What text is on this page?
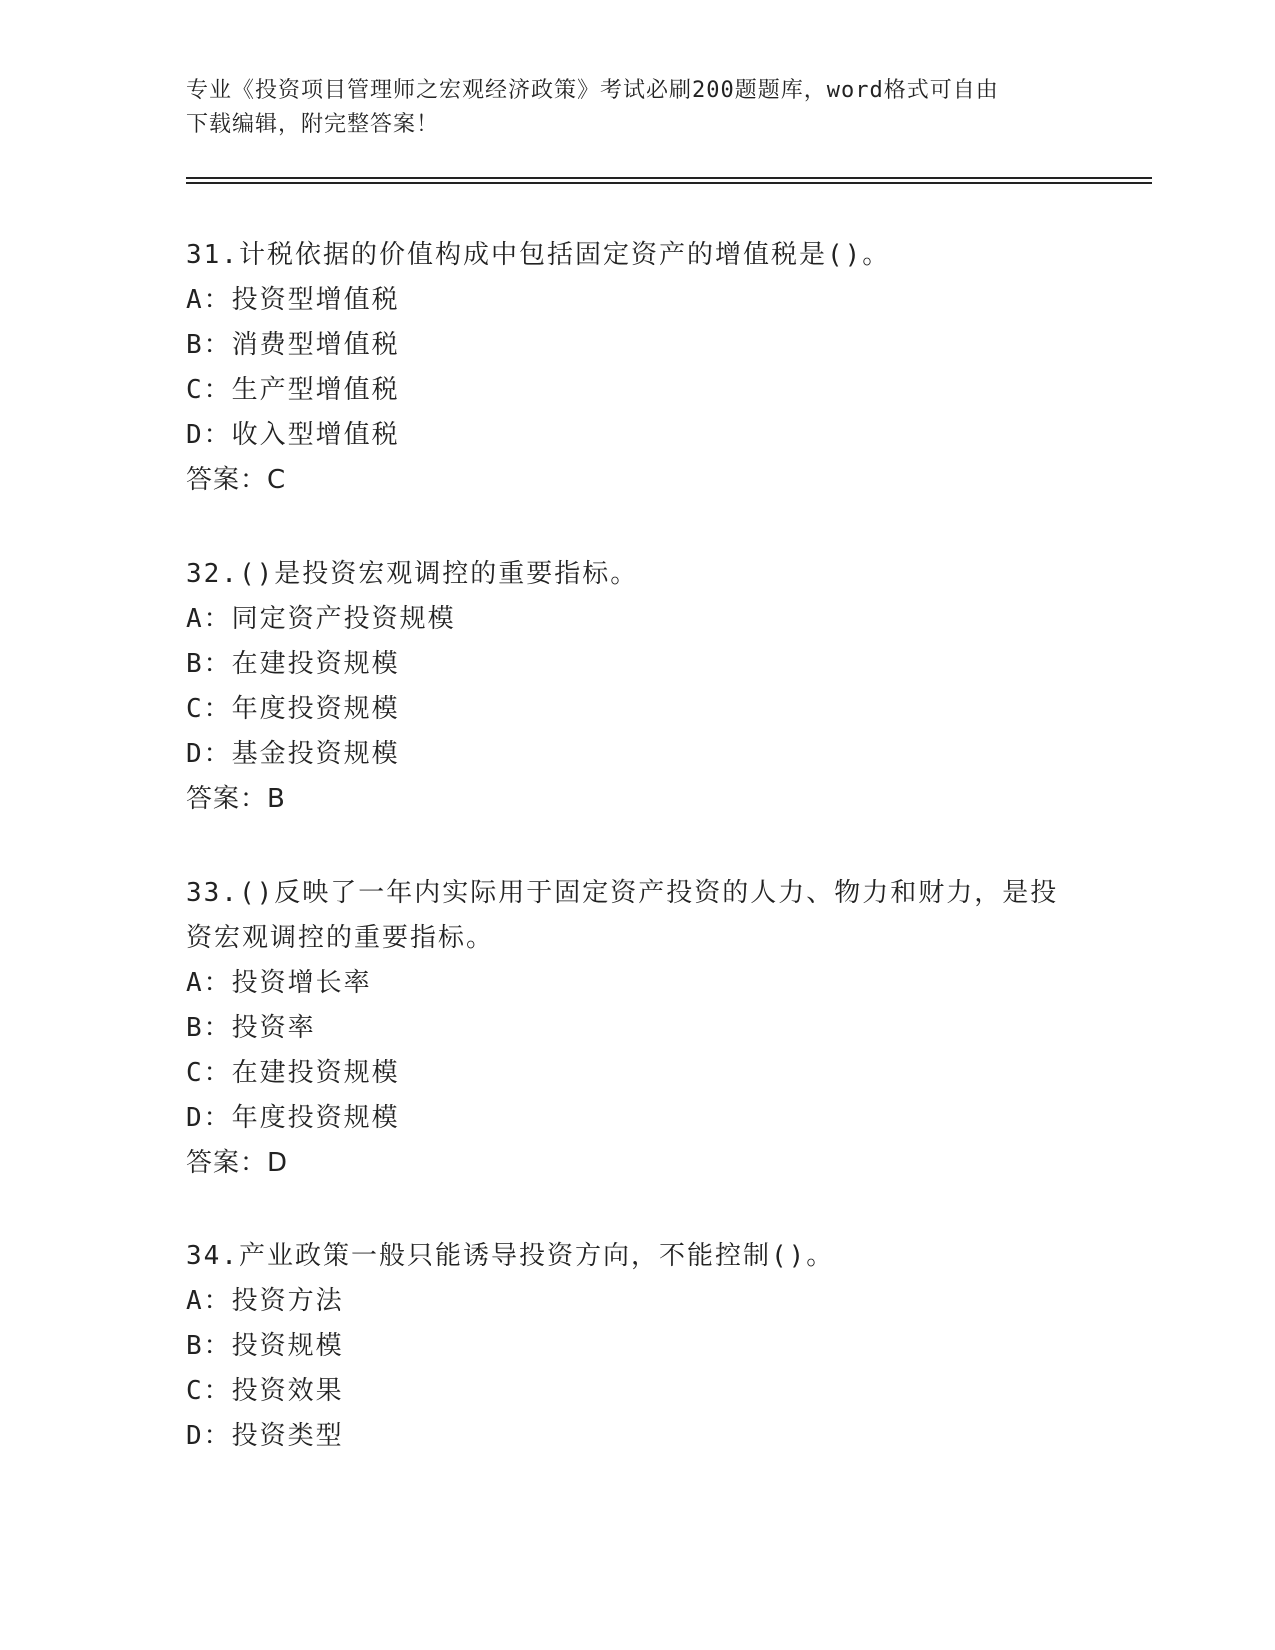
专业《投资项目管理师之宏观经济政策》考试必刷200题题库，word格式可自由
下载编辑，附完整答案！

31.计税依据的价值构成中包括固定资产的增值税是()。

A：投资型增值税

B：消费型增值税

C：生产型增值税

D：收入型增值税

答案：C

32.()是投资宏观调控的重要指标。

A：同定资产投资规模

B：在建投资规模

C：年度投资规模

D：基金投资规模

答案：B

33.()反映了一年内实际用于固定资产投资的人力、物力和财力，是投

资宏观调控的重要指标。

A：投资增长率

B：投资率

C：在建投资规模

D：年度投资规模

答案：D

34.产业政策一般只能诱导投资方向，不能控制()。

A：投资方法

B：投资规模

C：投资效果

D：投资类型
